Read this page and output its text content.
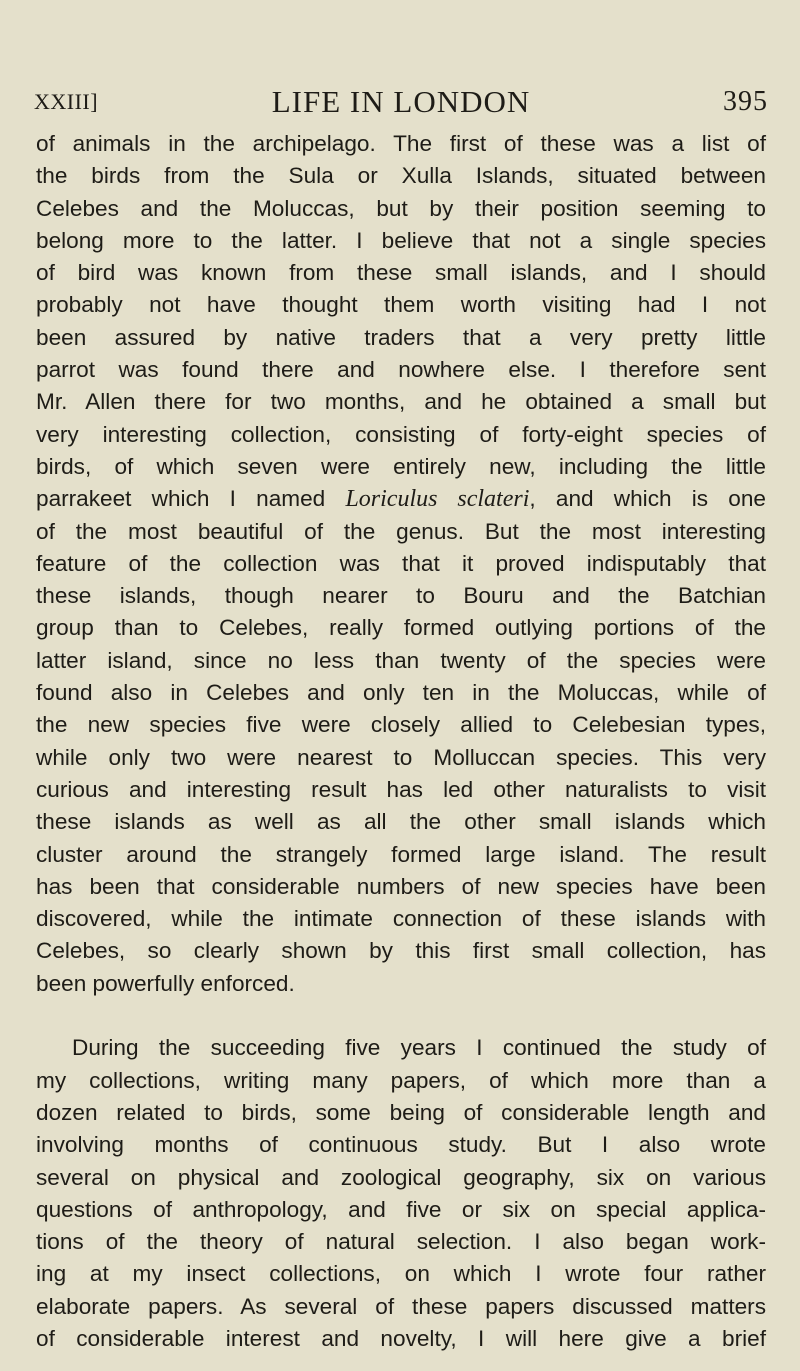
XXIII]	LIFE IN LONDON	395
of animals in the archipelago. The first of these was a list of
the birds from the Sula or Xulla Islands, situated between
Celebes and the Moluccas, but by their position seeming to
belong more to the latter. I believe that not a single species
of bird was known from these small islands, and I should
probably not have thought them worth visiting had I not
been assured by native traders that a very pretty little
parrot was found there and nowhere else. I therefore sent
Mr. Allen there for two months, and he obtained a small but
very interesting collection, consisting of forty-eight species of
birds, of which seven were entirely new, including the little
parrakeet which I named Loriculus sclateri, and which is one
of the most beautiful of the genus. But the most interesting
feature of the collection was that it proved indisputably that
these islands, though nearer to Bouru and the Batchian
group than to Celebes, really formed outlying portions of the
latter island, since no less than twenty of the species were
found also in Celebes and only ten in the Moluccas, while of
the new species five were closely allied to Celebesian types,
while only two were nearest to Molluccan species. This very
curious and interesting result has led other naturalists to visit
these islands as well as all the other small islands which
cluster around the strangely formed large island. The result
has been that considerable numbers of new species have been
discovered, while the intimate connection of these islands with
Celebes, so clearly shown by this first small collection, has
been powerfully enforced.
During the succeeding five years I continued the study of
my collections, writing many papers, of which more than a
dozen related to birds, some being of considerable length and
involving months of continuous study. But I also wrote
several on physical and zoological geography, six on various
questions of anthropology, and five or six on special applica-
tions of the theory of natural selection. I also began work-
ing at my insect collections, on which I wrote four rather
elaborate papers. As several of these papers discussed matters
of considerable interest and novelty, I will here give a brief
